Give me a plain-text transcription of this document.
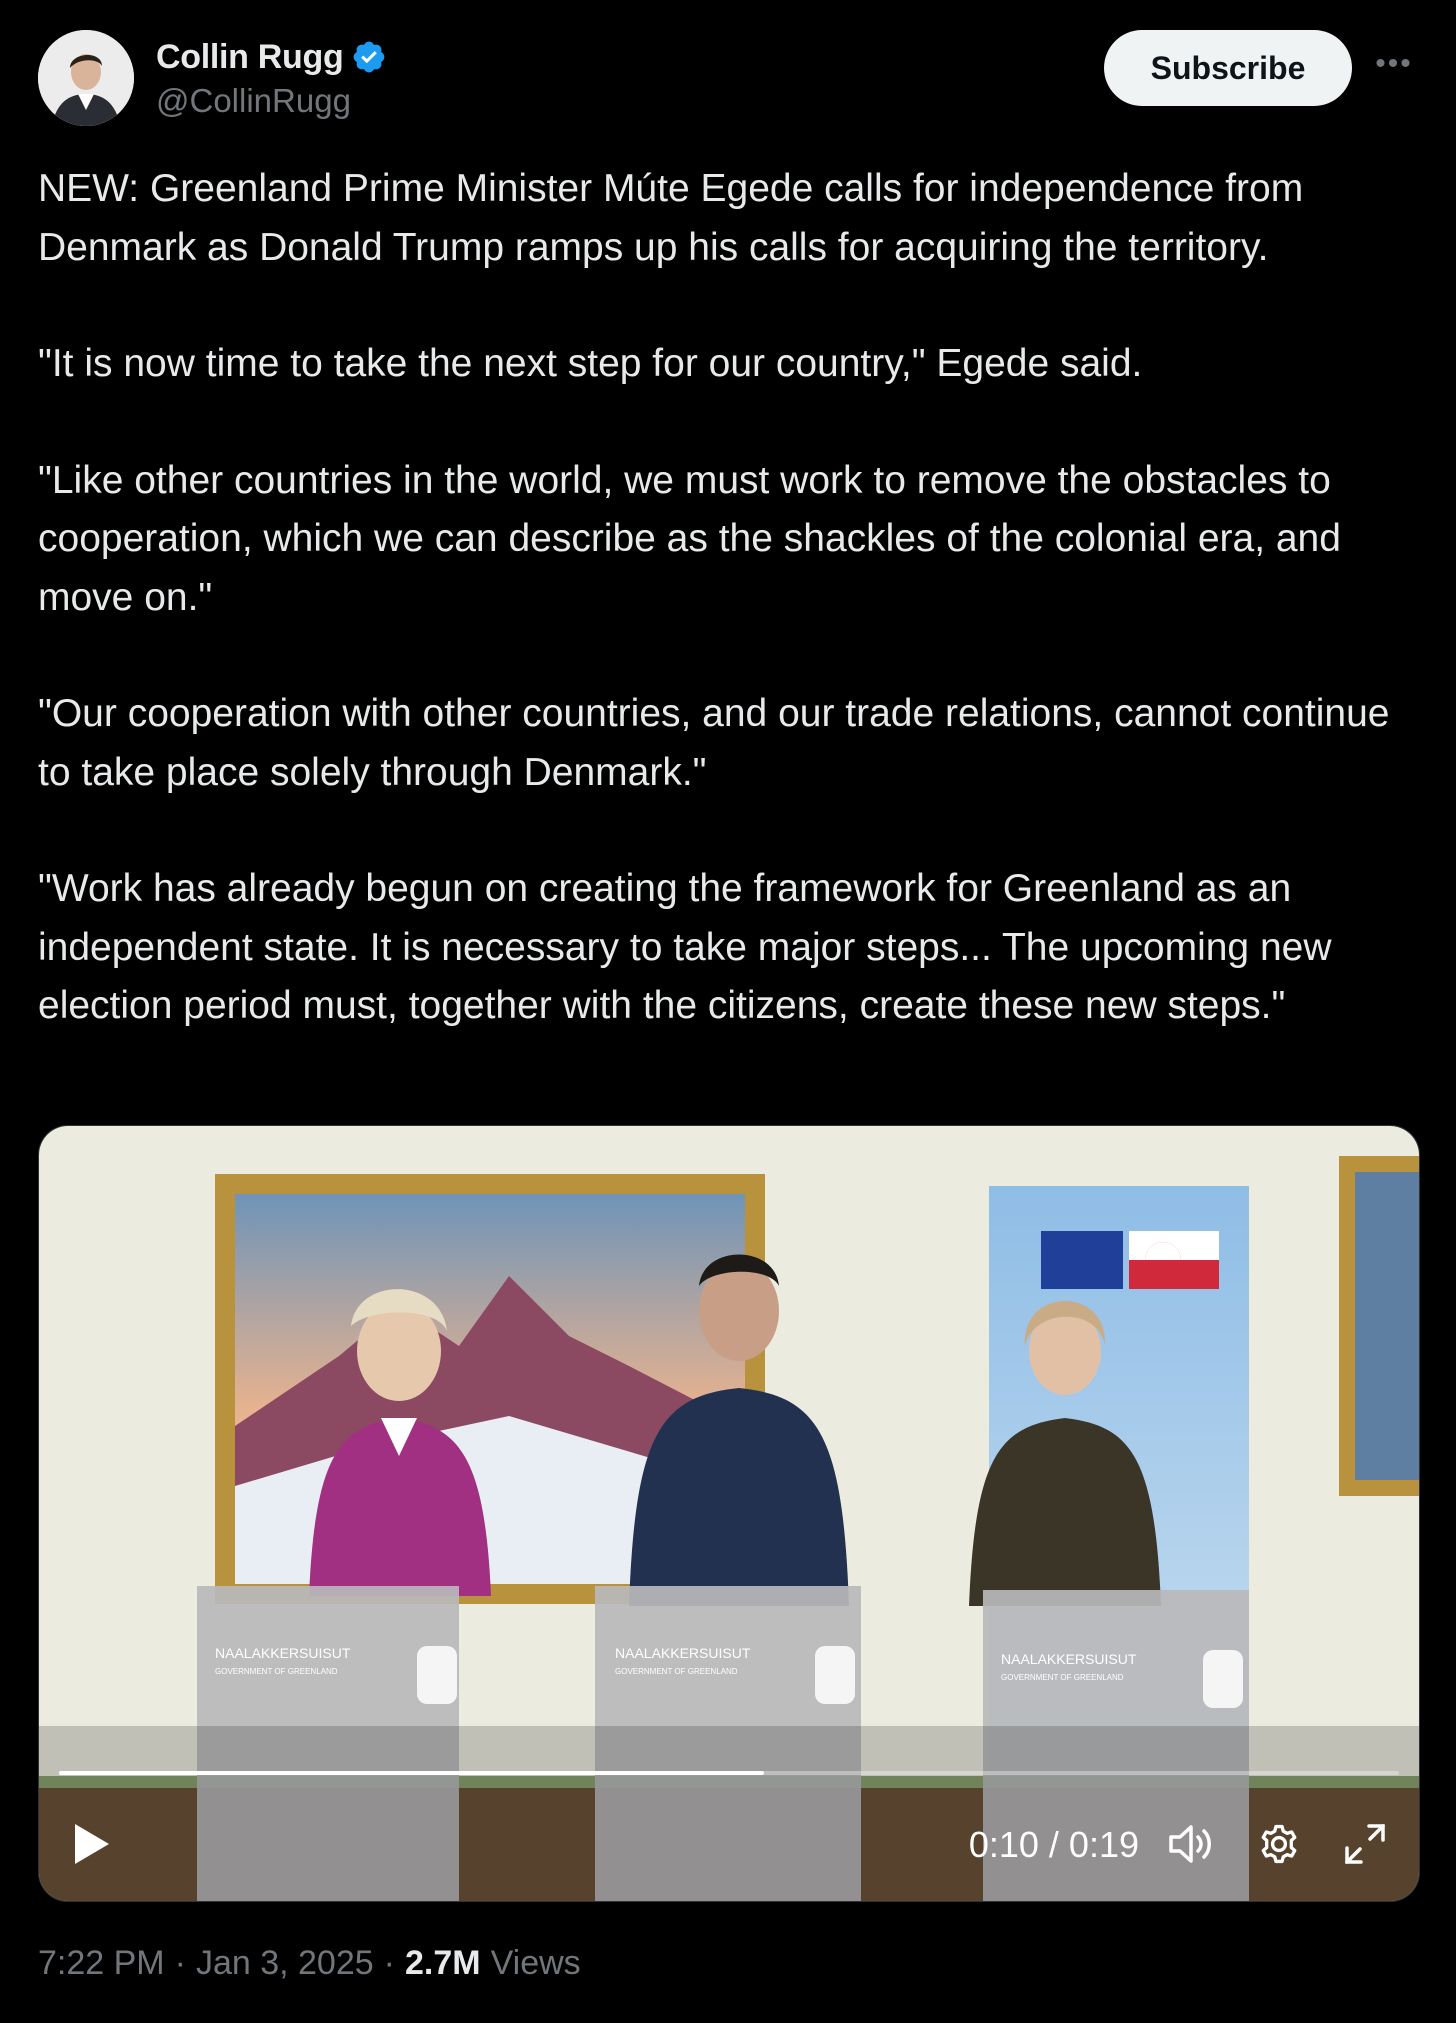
Collin Rugg
@CollinRugg
Subscribe	•••

NEW: Greenland Prime Minister Múte Egede calls for independence from Denmark as Donald Trump ramps up his calls for acquiring the territory.

"It is now time to take the next step for our country," Egede said.

"Like other countries in the world, we must work to remove the obstacles to cooperation, which we can describe as the shackles of the colonial era, and move on."

"Our cooperation with other countries, and our trade relations, cannot continue to take place solely through Denmark."

"Work has already begun on creating the framework for Greenland as an independent state. It is necessary to take major steps... The upcoming new election period must, together with the citizens, create these new steps."

NAALAKKERSUISUT
GOVERNMENT OF GREENLAND
NAALAKKERSUISUT
GOVERNMENT OF GREENLAND
NAALAKKERSUISUT
GOVERNMENT OF GREENLAND
0:10 / 0:19
7:22 PM · Jan 3, 2025 · 2.7M Views
